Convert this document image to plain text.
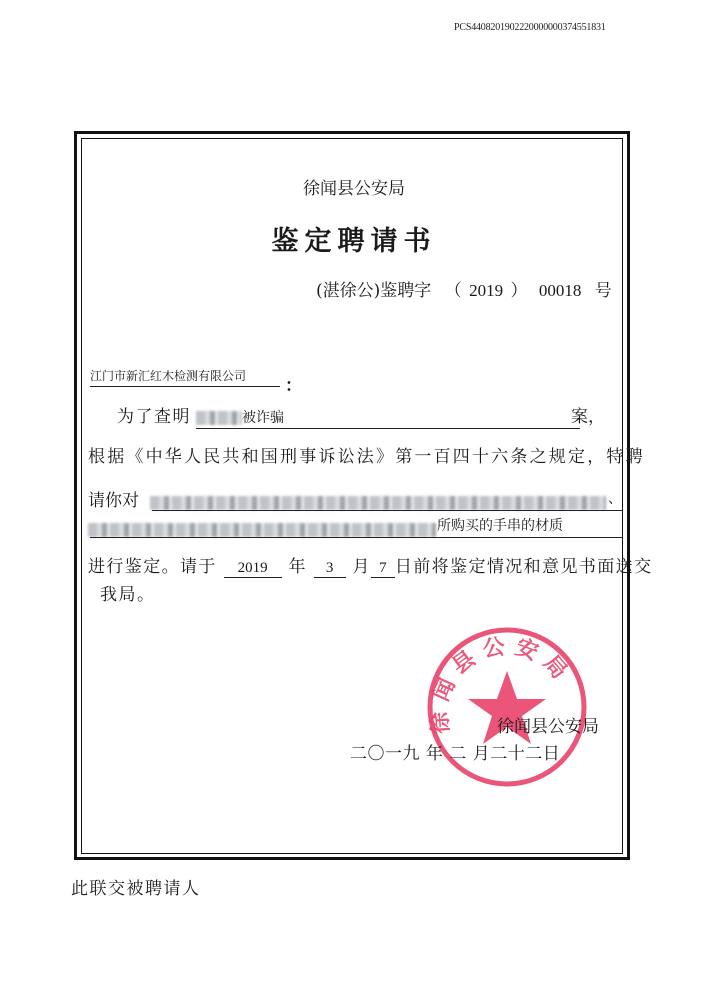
PCS4408201902220000000374551831
徐闻县公安局
鉴定聘请书
(湛徐公)鉴聘字 （ 2019 ） 00018 号
江门市新汇红木检测有限公司 ：
为了查明	被诈骗	案，
根据《中华人民共和国刑事诉讼法》第一百四十六条之规定，特聘
请你对	、
所购买的手串的材质
进行鉴定。请于 2019 年 3 月 7 日前将鉴定情况和意见书面送交
我局。
徐闻县公安局
徐闻县公安局
二〇一九 年 二 月二十二日
此联交被聘请人
